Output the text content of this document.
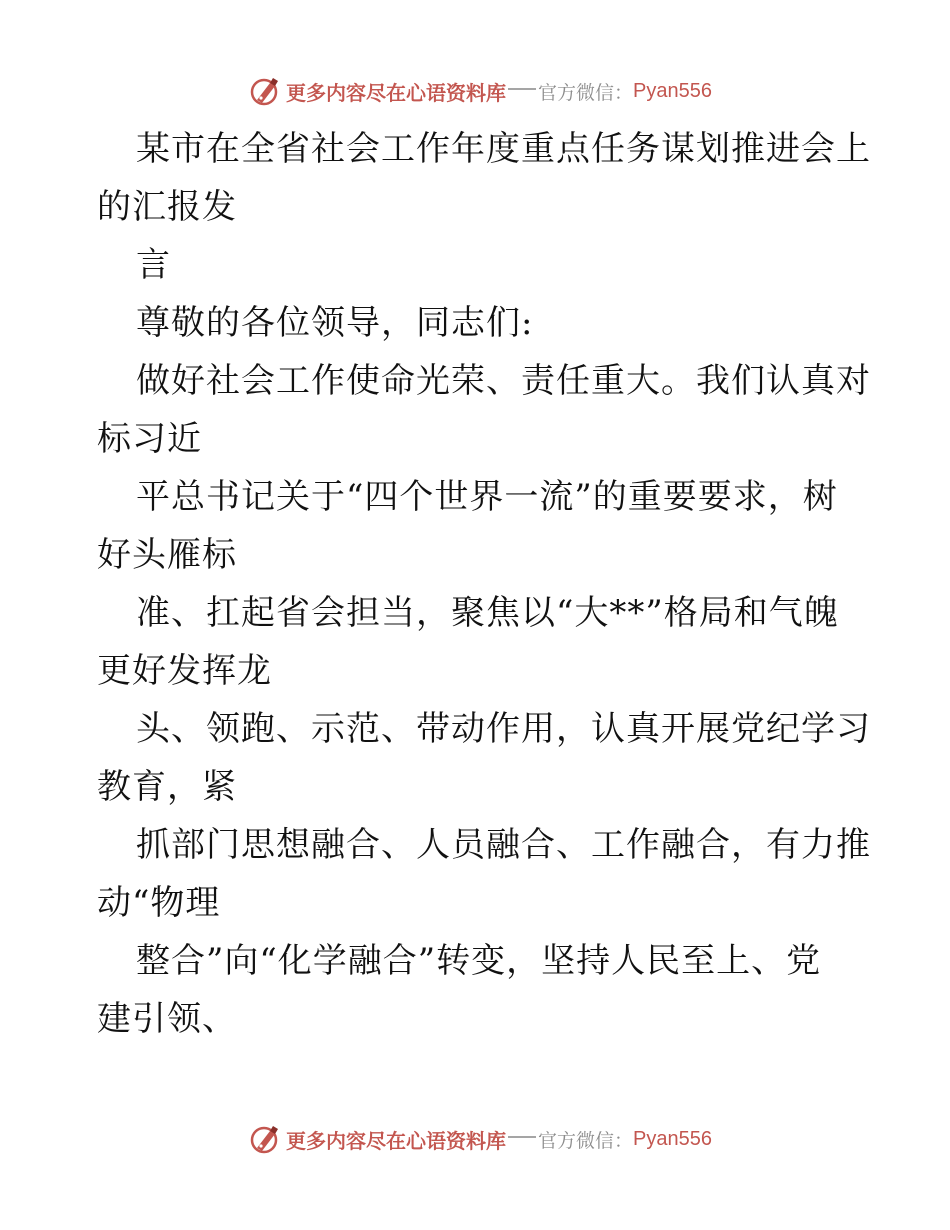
更多内容尽在心语资料库 官方微信： Pyan556
某市在全省社会工作年度重点任务谋划推进会上
的汇报发
言
尊敬的各位领导，同志们:
做好社会工作使命光荣、责任重大。我们认真对
标习近
平总书记关于“四个世界一流”的重要要求，树
好头雁标
准、扛起省会担当，聚焦以“大**”格局和气魄
更好发挥龙
头、领跑、示范、带动作用，认真开展党纪学习
教育，紧
抓部门思想融合、人员融合、工作融合，有力推
动“物理
整合”向“化学融合”转变，坚持人民至上、党
建引领、
更多内容尽在心语资料库 官方微信： Pyan556
